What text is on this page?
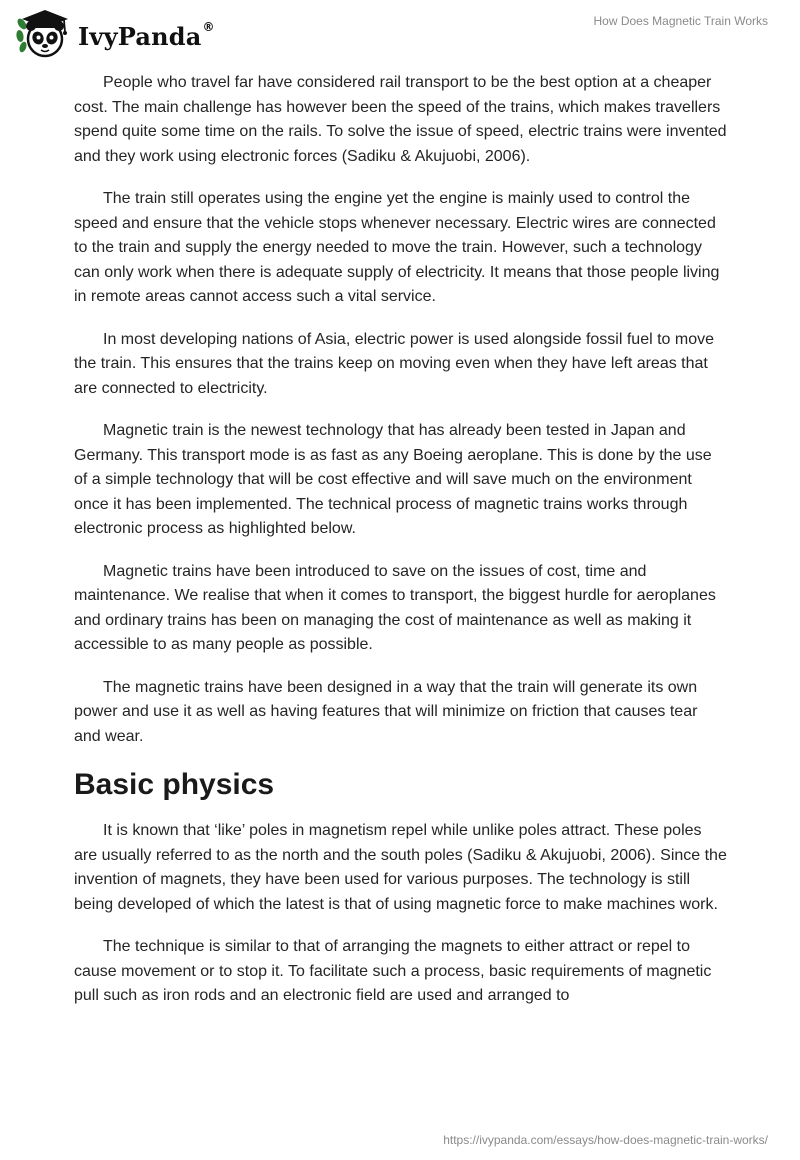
IvyPanda®	How Does Magnetic Train Works

People who travel far have considered rail transport to be the best option at a cheaper cost. The main challenge has however been the speed of the trains, which makes travellers spend quite some time on the rails. To solve the issue of speed, electric trains were invented and they work using electronic forces (Sadiku & Akujuobi, 2006).

The train still operates using the engine yet the engine is mainly used to control the speed and ensure that the vehicle stops whenever necessary. Electric wires are connected to the train and supply the energy needed to move the train. However, such a technology can only work when there is adequate supply of electricity. It means that those people living in remote areas cannot access such a vital service.

In most developing nations of Asia, electric power is used alongside fossil fuel to move the train. This ensures that the trains keep on moving even when they have left areas that are connected to electricity.

Magnetic train is the newest technology that has already been tested in Japan and Germany. This transport mode is as fast as any Boeing aeroplane. This is done by the use of a simple technology that will be cost effective and will save much on the environment once it has been implemented. The technical process of magnetic trains works through electronic process as highlighted below.

Magnetic trains have been introduced to save on the issues of cost, time and maintenance. We realise that when it comes to transport, the biggest hurdle for aeroplanes and ordinary trains has been on managing the cost of maintenance as well as making it accessible to as many people as possible.

The magnetic trains have been designed in a way that the train will generate its own power and use it as well as having features that will minimize on friction that causes tear and wear.

Basic physics

It is known that ‘like’ poles in magnetism repel while unlike poles attract. These poles are usually referred to as the north and the south poles (Sadiku & Akujuobi, 2006). Since the invention of magnets, they have been used for various purposes. The technology is still being developed of which the latest is that of using magnetic force to make machines work.

The technique is similar to that of arranging the magnets to either attract or repel to cause movement or to stop it. To facilitate such a process, basic requirements of magnetic pull such as iron rods and an electronic field are used and arranged to

https://ivypanda.com/essays/how-does-magnetic-train-works/
